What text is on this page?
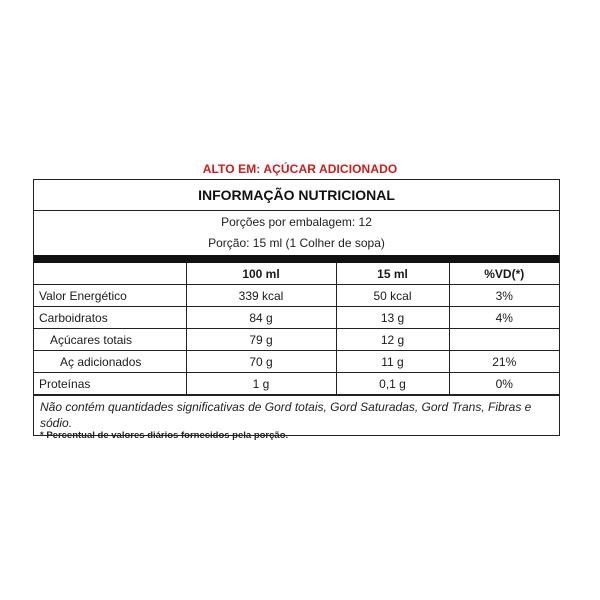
ALTO EM: AÇÚCAR ADICIONADO
INFORMAÇÃO NUTRICIONAL
Porções por embalagem: 12
Porção: 15 ml (1 Colher de sopa)
	100 ml	15 ml	%VD(*)
Valor Energético	339 kcal	50 kcal	3%
Carboidratos	84 g	13 g	4%
Açúcares totais	79 g	12 g	
Aç adicionados	70 g	11 g	21%
Proteínas	1 g	0,1 g	0%
Não contém quantidades significativas de Gord totais, Gord Saturadas, Gord Trans, Fibras e sódio.
* Percentual de valores diários fornecidos pela porção.
